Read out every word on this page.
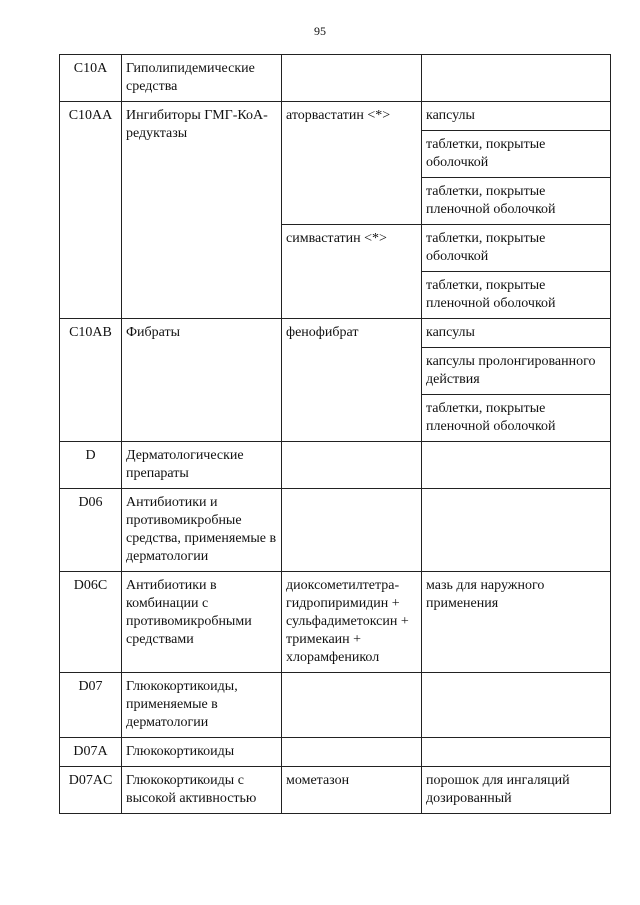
95
C10A	Гиполипидемические средства		
C10AA	Ингибиторы ГМГ-КоА-редуктазы	аторвастатин <*>	капсулы
			таблетки, покрытые оболочкой
			таблетки, покрытые пленочной оболочкой
		симвастатин <*>	таблетки, покрытые оболочкой
			таблетки, покрытые пленочной оболочкой
C10AB	Фибраты	фенофибрат	капсулы
			капсулы пролонгированного действия
			таблетки, покрытые пленочной оболочкой
D	Дерматологические препараты		
D06	Антибиотики и противомикробные средства, применяемые в дерматологии		
D06C	Антибиотики в комбинации с противомикробными средствами	диоксометилтетра-гидропиримидин + сульфадиметоксин + тримекаин + хлорамфеникол	мазь для наружного применения
D07	Глюкокортикоиды, применяемые в дерматологии		
D07A	Глюкокортикоиды		
D07AC	Глюкокортикоиды с высокой активностью	мометазон	порошок для ингаляций дозированный
